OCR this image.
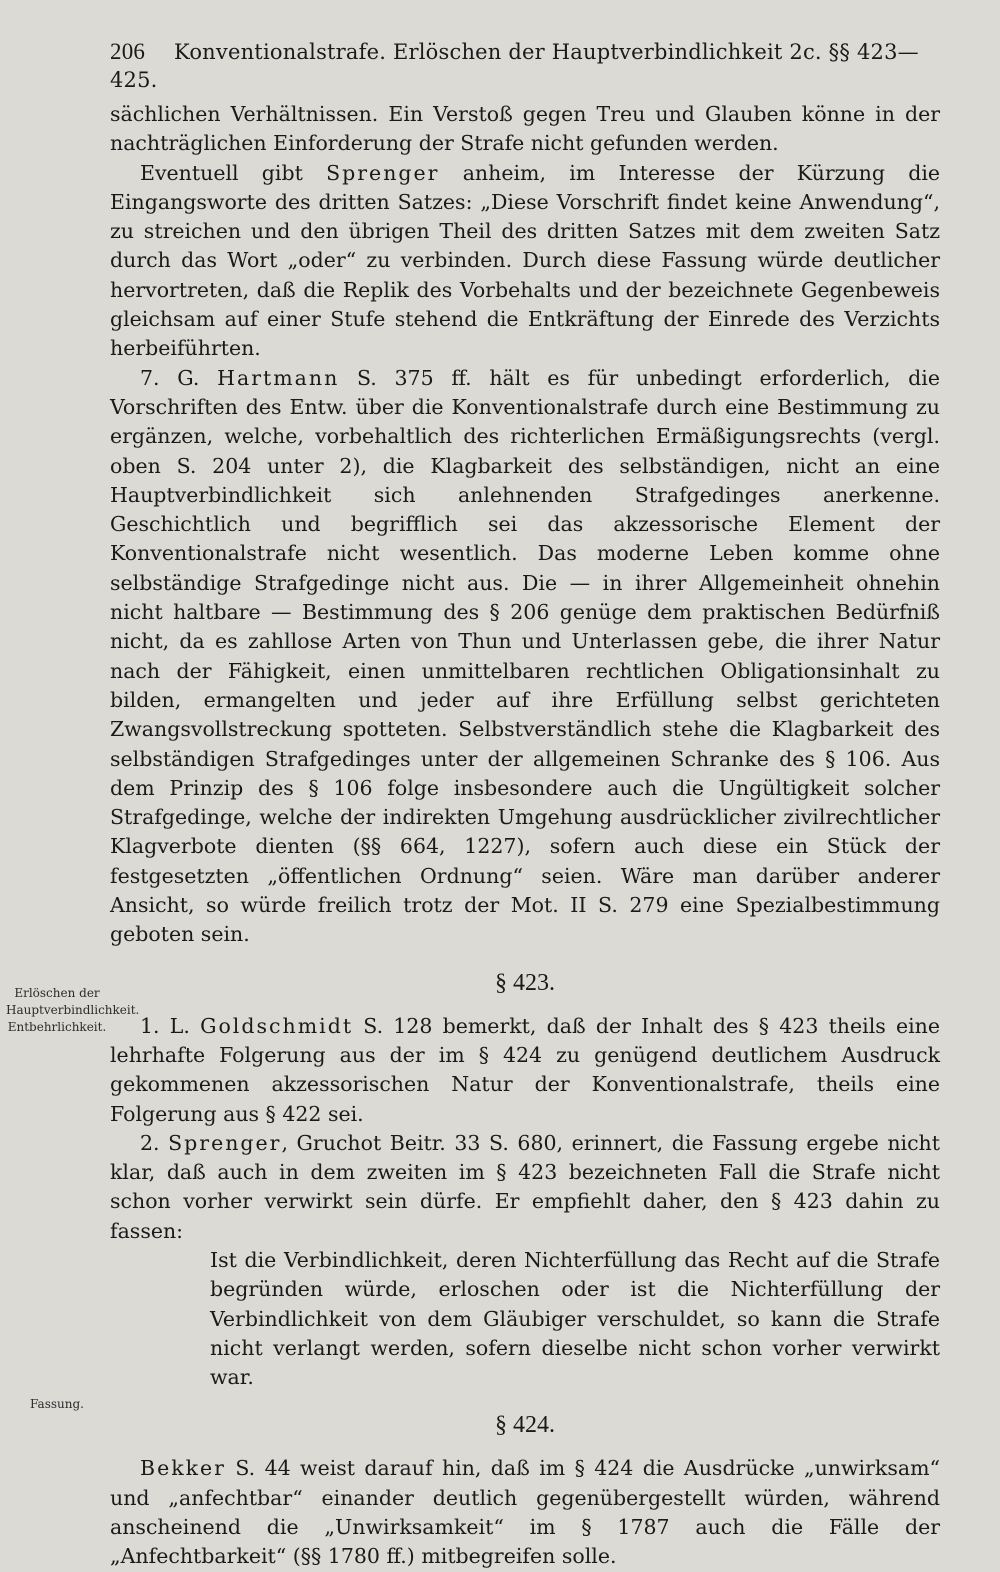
206 Konventionalstrafe. Erlöschen der Hauptverbindlichkeit 2c. §§ 423—425.
Erlöschen der Hauptverbindlichkeit. Entbehrlichkeit.
Fassung.

sächlichen Verhältnissen. Ein Verstoß gegen Treu und Glauben könne in der nachträglichen Einforderung der Strafe nicht gefunden werden.

Eventuell gibt Sprenger anheim, im Interesse der Kürzung die Eingangsworte des dritten Satzes: „Diese Vorschrift findet keine Anwendung“, zu streichen und den übrigen Theil des dritten Satzes mit dem zweiten Satz durch das Wort „oder“ zu verbinden. Durch diese Fassung würde deutlicher hervortreten, daß die Replik des Vorbehalts und der bezeichnete Gegenbeweis gleichsam auf einer Stufe stehend die Entkräftung der Einrede des Verzichts herbeiführten.

7. G. Hartmann S. 375 ff. hält es für unbedingt erforderlich, die Vorschriften des Entw. über die Konventionalstrafe durch eine Bestimmung zu ergänzen, welche, vorbehaltlich des richterlichen Ermäßigungsrechts (vergl. oben S. 204 unter 2), die Klagbarkeit des selbständigen, nicht an eine Hauptverbindlichkeit sich anlehnenden Strafgedinges anerkenne. Geschichtlich und begrifflich sei das akzessorische Element der Konventionalstrafe nicht wesentlich. Das moderne Leben komme ohne selbständige Strafgedinge nicht aus. Die — in ihrer Allgemeinheit ohnehin nicht haltbare — Bestimmung des § 206 genüge dem praktischen Bedürfniß nicht, da es zahllose Arten von Thun und Unterlassen gebe, die ihrer Natur nach der Fähigkeit, einen unmittelbaren rechtlichen Obligationsinhalt zu bilden, ermangelten und jeder auf ihre Erfüllung selbst gerichteten Zwangsvollstreckung spotteten. Selbstverständlich stehe die Klagbarkeit des selbständigen Strafgedinges unter der allgemeinen Schranke des § 106. Aus dem Prinzip des § 106 folge insbesondere auch die Ungültigkeit solcher Strafgedinge, welche der indirekten Umgehung ausdrücklicher zivilrechtlicher Klagverbote dienten (§§ 664, 1227), sofern auch diese ein Stück der festgesetzten „öffentlichen Ordnung“ seien. Wäre man darüber anderer Ansicht, so würde freilich trotz der Mot. II S. 279 eine Spezialbestimmung geboten sein.

§ 423.

1. L. Goldschmidt S. 128 bemerkt, daß der Inhalt des § 423 theils eine lehrhafte Folgerung aus der im § 424 zu genügend deutlichem Ausdruck gekommenen akzessorischen Natur der Konventionalstrafe, theils eine Folgerung aus § 422 sei.

2. Sprenger, Gruchot Beitr. 33 S. 680, erinnert, die Fassung ergebe nicht klar, daß auch in dem zweiten im § 423 bezeichneten Fall die Strafe nicht schon vorher verwirkt sein dürfe. Er empfiehlt daher, den § 423 dahin zu fassen:

Ist die Verbindlichkeit, deren Nichterfüllung das Recht auf die Strafe begründen würde, erloschen oder ist die Nichterfüllung der Verbindlichkeit von dem Gläubiger verschuldet, so kann die Strafe nicht verlangt werden, sofern dieselbe nicht schon vorher verwirkt war.

§ 424.

Bekker S. 44 weist darauf hin, daß im § 424 die Ausdrücke „unwirksam“ und „anfechtbar“ einander deutlich gegenübergestellt würden, während anscheinend die „Unwirksamkeit“ im § 1787 auch die Fälle der „Anfechtbarkeit“ (§§ 1780 ff.) mitbegreifen solle.
